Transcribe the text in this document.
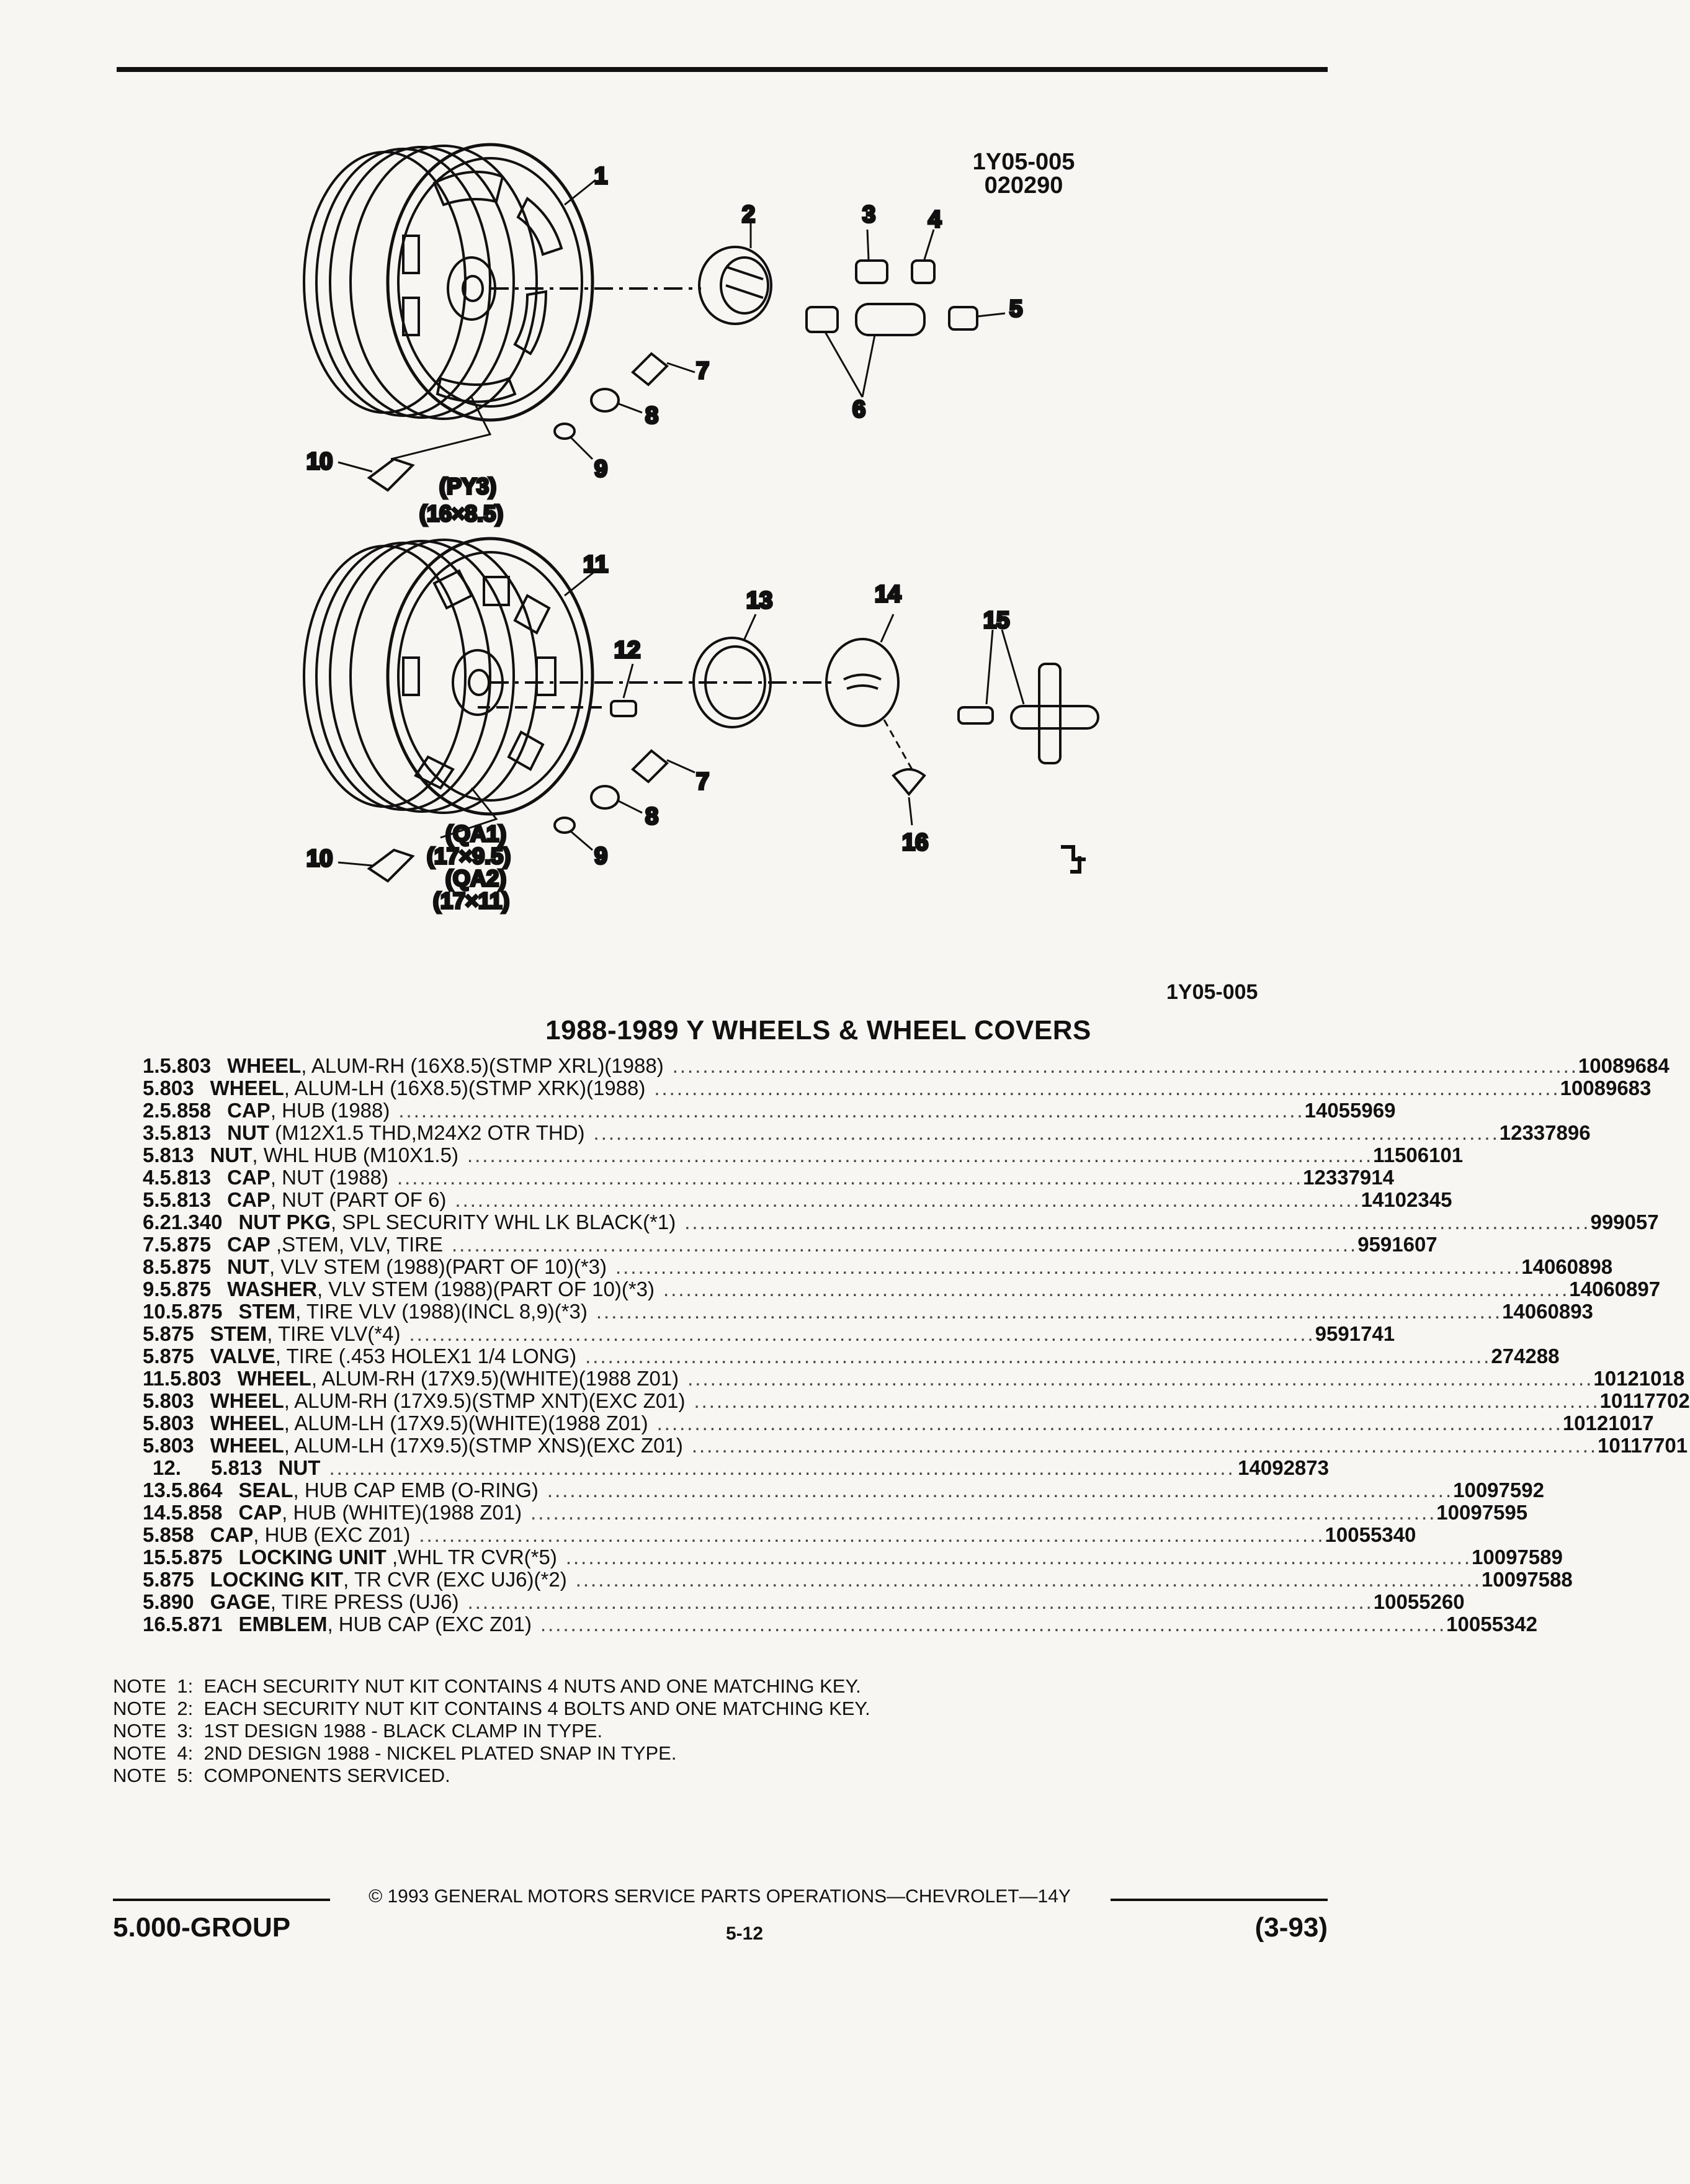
1Y05-005
020290
1
2	3 4
5
6
7
8
9
10
11
12
13	14
15
16
7
8
9
10
(PY3)
(16×8.5)
(QA1)
(17×9.5)
(QA2)
(17×11)
1Y05-005
1988-1989 Y WHEELS & WHEEL COVERS
1. 5.803 WHEEL, ALUM-RH (16X8.5)(STMP XRL)(1988) ........................................................................................................................ 10089684
5.803 WHEEL, ALUM-LH (16X8.5)(STMP XRK)(1988) ........................................................................................................................ 10089683
2. 5.858 CAP, HUB (1988) ........................................................................................................................ 14055969
3. 5.813 NUT (M12X1.5 THD,M24X2 OTR THD) ........................................................................................................................ 12337896
5.813 NUT, WHL HUB (M10X1.5) ........................................................................................................................ 11506101
4. 5.813 CAP, NUT (1988) ........................................................................................................................ 12337914
5. 5.813 CAP, NUT (PART OF 6) ........................................................................................................................ 14102345
6. 21.340 NUT PKG, SPL SECURITY WHL LK BLACK(*1) ........................................................................................................................ 999057
7. 5.875 CAP ,STEM, VLV, TIRE ........................................................................................................................ 9591607
8. 5.875 NUT, VLV STEM (1988)(PART OF 10)(*3) ........................................................................................................................ 14060898
9. 5.875 WASHER, VLV STEM (1988)(PART OF 10)(*3) ........................................................................................................................ 14060897
10. 5.875 STEM, TIRE VLV (1988)(INCL 8,9)(*3) ........................................................................................................................ 14060893
5.875 STEM, TIRE VLV(*4) ........................................................................................................................ 9591741
5.875 VALVE, TIRE (.453 HOLEX1 1/4 LONG) ........................................................................................................................ 274288
11. 5.803 WHEEL, ALUM-RH (17X9.5)(WHITE)(1988 Z01) ........................................................................................................................ 10121018
5.803 WHEEL, ALUM-RH (17X9.5)(STMP XNT)(EXC Z01) ........................................................................................................................ 10117702
5.803 WHEEL, ALUM-LH (17X9.5)(WHITE)(1988 Z01) ........................................................................................................................ 10121017
5.803 WHEEL, ALUM-LH (17X9.5)(STMP XNS)(EXC Z01) ........................................................................................................................ 10117701
12.	5.813 NUT ........................................................................................................................ 14092873
13. 5.864 SEAL, HUB CAP EMB (O-RING) ........................................................................................................................ 10097592
14. 5.858 CAP, HUB (WHITE)(1988 Z01) ........................................................................................................................ 10097595
5.858 CAP, HUB (EXC Z01) ........................................................................................................................ 10055340
15. 5.875 LOCKING UNIT ,WHL TR CVR(*5) ........................................................................................................................ 10097589
5.875 LOCKING KIT, TR CVR (EXC UJ6)(*2) ........................................................................................................................ 10097588
5.890 GAGE, TIRE PRESS (UJ6) ........................................................................................................................ 10055260
16. 5.871 EMBLEM, HUB CAP (EXC Z01) ........................................................................................................................ 10055342
NOTE  1:  EACH SECURITY NUT KIT CONTAINS 4 NUTS AND ONE MATCHING KEY.
NOTE  2:  EACH SECURITY NUT KIT CONTAINS 4 BOLTS AND ONE MATCHING KEY.
NOTE  3:  1ST DESIGN 1988 - BLACK CLAMP IN TYPE.
NOTE  4:  2ND DESIGN 1988 - NICKEL PLATED SNAP IN TYPE.
NOTE  5:  COMPONENTS SERVICED.
© 1993 GENERAL MOTORS SERVICE PARTS OPERATIONS—CHEVROLET—14Y
5.000-GROUP	5-12	(3-93)
